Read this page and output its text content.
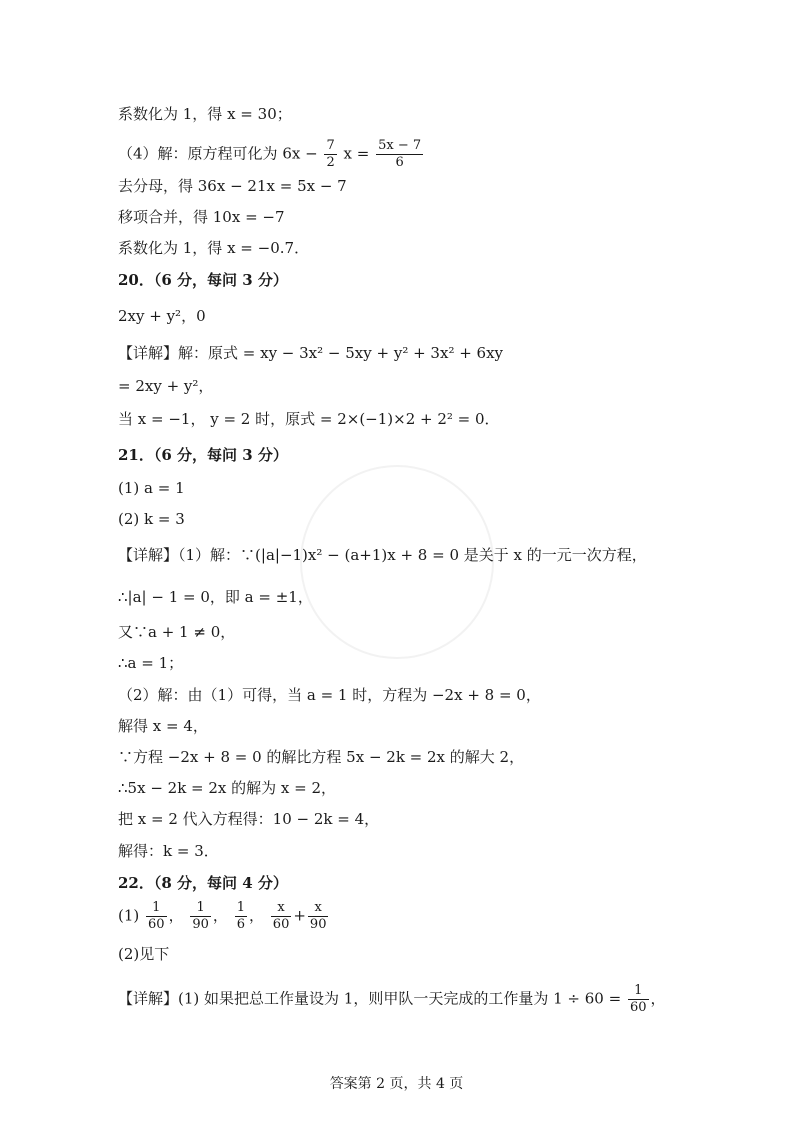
系数化为 1，得 x = 30；
（4）解：原方程可化为 $6x - \frac{7}{2}$ $x = \frac{5x - 7}{6}$
去分母，得 36x − 21x = 5x − 7
移项合并，得 10x = −7
系数化为 1，得 x = −0.7．
20．（6 分，每问 3 分）
2xy + y²，0
【详解】解：原式 = xy − 3x² − 5xy + y² + 3x² + 6xy
= 2xy + y²，
当 x = −1， y = 2 时，原式 = 2×(−1)×2 + 2² = 0．
21．（6 分，每问 3 分）
(1) a = 1
(2) k = 3
【详解】（1）解：∵(|a|−1)x² − (a+1)x + 8 = 0 是关于 x 的一元一次方程，
∴|a| − 1 = 0，即 a = ±1，
又∵a + 1 ≠ 0，
∴a = 1；
（2）解：由（1）可得，当 a = 1 时，方程为 −2x + 8 = 0，
解得 x = 4，
∵方程 −2x + 8 = 0 的解比方程 5x − 2k = 2x 的解大 2，
∴5x − 2k = 2x 的解为 x = 2，
把 x = 2 代入方程得：10 − 2k = 4，
解得：k = 3．
22．（8 分，每问 4 分）
$(1) \frac{1}{60}$ ， $\frac{1}{90}$ ， $\frac{1}{6}$ ， $\frac{x}{60} + \frac{x}{90}$
(2)见下
【详解】(1) 如果把总工作量设为 1，则甲队一天完成的工作量为 $1 \div 60 = \frac{1}{60}$ ，
答案第 2 页，共 4 页
